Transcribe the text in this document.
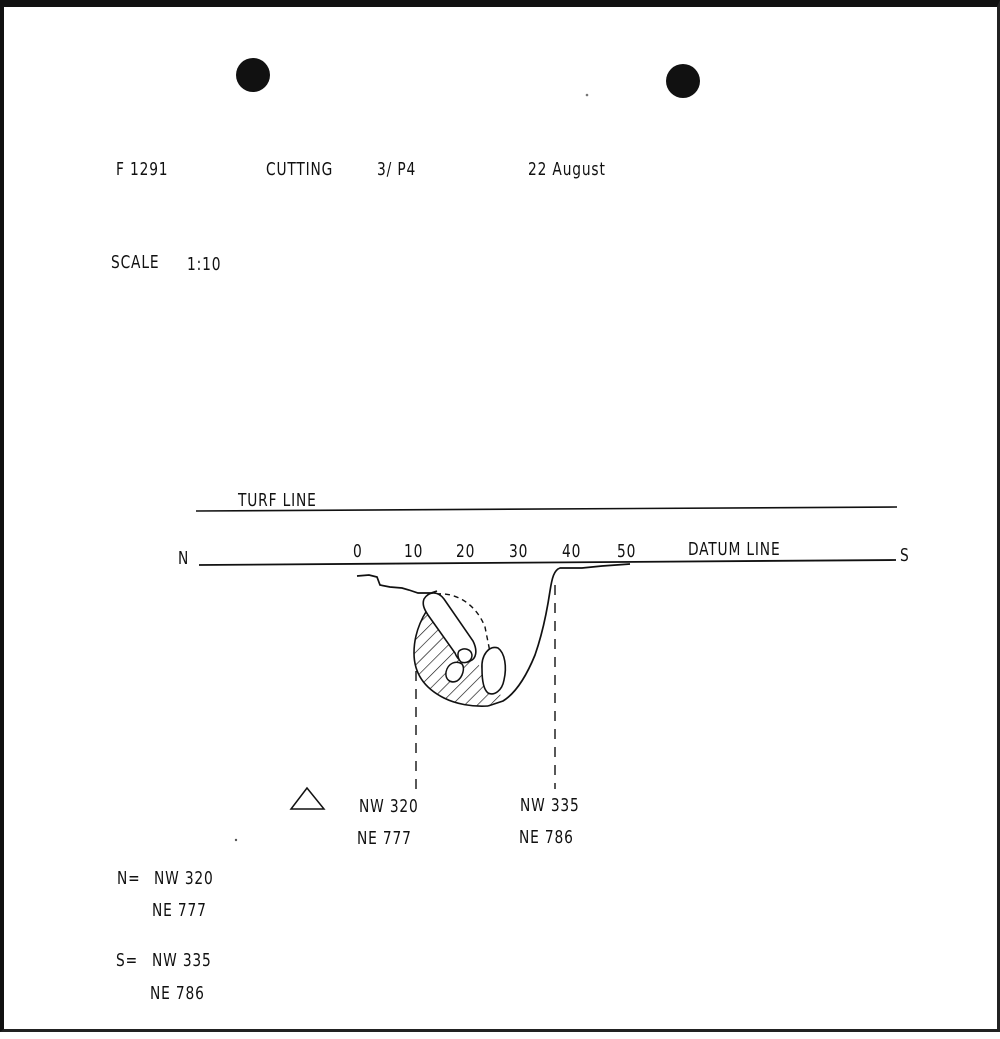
F 1291	CUTTING 3/ P4	22 August
SCALE 1:10
TURF LINE
N	S
DATUM LINE
0 10 20 30 40 50
NW 320
NE 777
NW 335
NE 786
N= NW 320
NE 777
S= NW 335
NE 786
